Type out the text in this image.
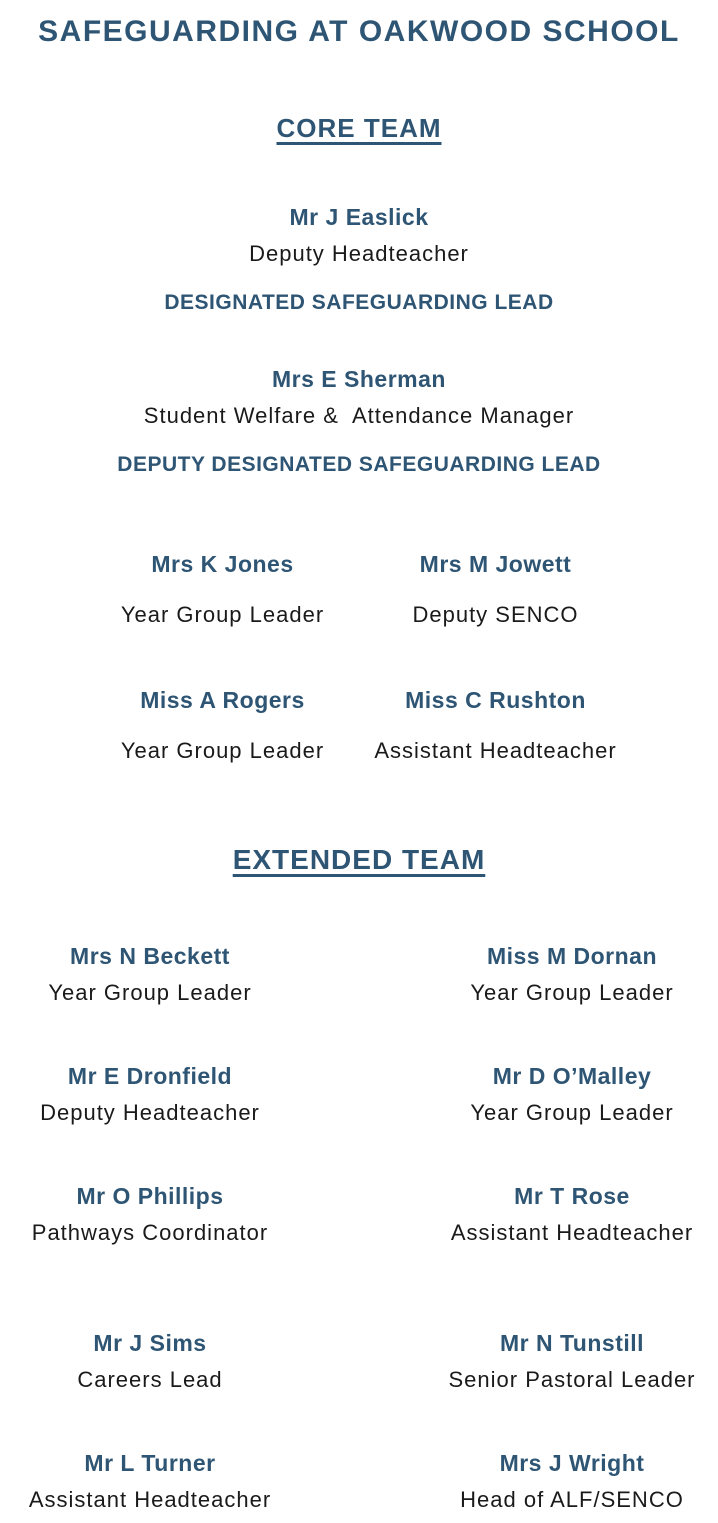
SAFEGUARDING AT OAKWOOD SCHOOL
CORE TEAM
Mr J Easlick
Deputy Headteacher
DESIGNATED SAFEGUARDING LEAD
Mrs E Sherman
Student Welfare &  Attendance Manager
DEPUTY DESIGNATED SAFEGUARDING LEAD
Mrs K Jones
Year Group Leader
Mrs M Jowett
Deputy SENCO
Miss A Rogers
Year Group Leader
Miss C Rushton
Assistant Headteacher
EXTENDED TEAM
Mrs N Beckett
Year Group Leader
Miss M Dornan
Year Group Leader
Mr E Dronfield
Deputy Headteacher
Mr D O’Malley
Year Group Leader
Mr O Phillips
Pathways Coordinator
Mr T Rose
Assistant Headteacher
Mr J Sims
Careers Lead
Mr N Tunstill
Senior Pastoral Leader
Mr L Turner
Assistant Headteacher
Mrs J Wright
Head of ALF/SENCO
